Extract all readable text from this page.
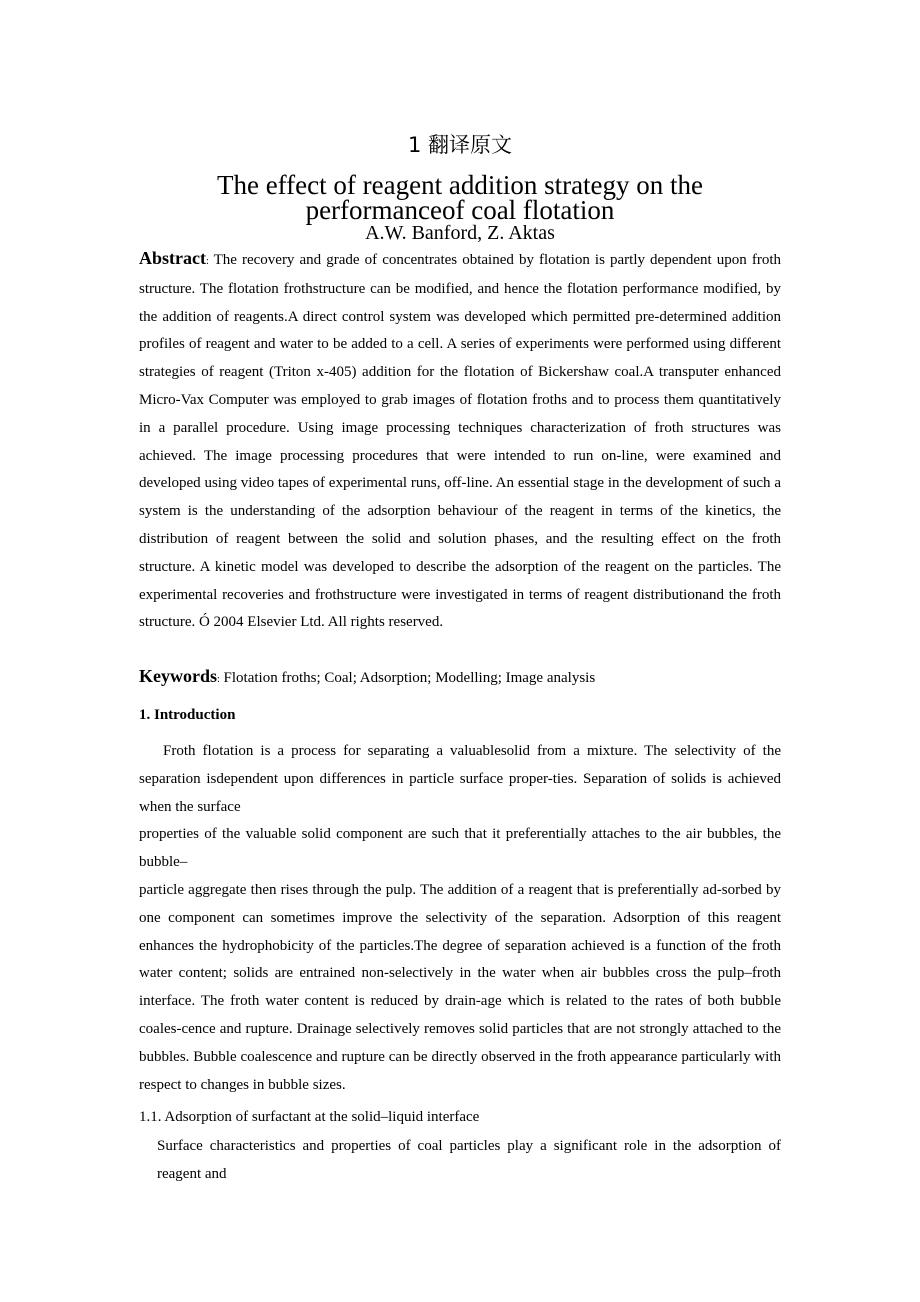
1 翻译原文
The effect of reagent addition strategy on the
performanceof coal flotation
A.W. Banford, Z. Aktas

Abstract: The recovery and grade of concentrates obtained by flotation is partly dependent upon froth structure. The flotation frothstructure can be modified, and hence the flotation performance modified, by the addition of reagents.A direct control system was developed which permitted pre-determined addition profiles of reagent and water to be added to a cell. A series of experiments were performed using different strategies of reagent (Triton x-405) addition for the flotation of Bickershaw coal.A transputer enhanced Micro-Vax Computer was employed to grab images of flotation froths and to process them quantitatively in a parallel procedure. Using image processing techniques characterization of froth structures was achieved. The image processing procedures that were intended to run on-line, were examined and developed using video tapes of experimental runs, off-line. An essential stage in the development of such a system is the understanding of the adsorption behaviour of the reagent in terms of the kinetics, the distribution of reagent between the solid and solution phases, and the resulting effect on the froth structure. A kinetic model was developed to describe the adsorption of the reagent on the particles. The experimental recoveries and frothstructure were investigated in terms of reagent distributionand the froth structure. Ó 2004 Elsevier Ltd. All rights reserved.

Keywords: Flotation froths; Coal; Adsorption; Modelling; Image analysis

1. Introduction

Froth flotation is a process for separating a valuablesolid from a mixture. The selectivity of the separation isdependent upon differences in particle surface proper-ties. Separation of solids is achieved when the surface

properties of the valuable solid component are such that it preferentially attaches to the air bubbles, the bubble–

particle aggregate then rises through the pulp. The addition of a reagent that is preferentially ad-sorbed by one component can sometimes improve the selectivity of the separation. Adsorption of this reagent enhances the hydrophobicity of the particles.The degree of separation achieved is a function of the froth water content; solids are entrained non-selectively in the water when air bubbles cross the pulp–froth interface. The froth water content is reduced by drain-age which is related to the rates of both bubble coales-cence and rupture. Drainage selectively removes solid particles that are not strongly attached to the bubbles. Bubble coalescence and rupture can be directly observed in the froth appearance particularly with respect to changes in bubble sizes.

1.1. Adsorption of surfactant at the solid–liquid interface

Surface characteristics and properties of coal particles play a significant role in the adsorption of reagent and
